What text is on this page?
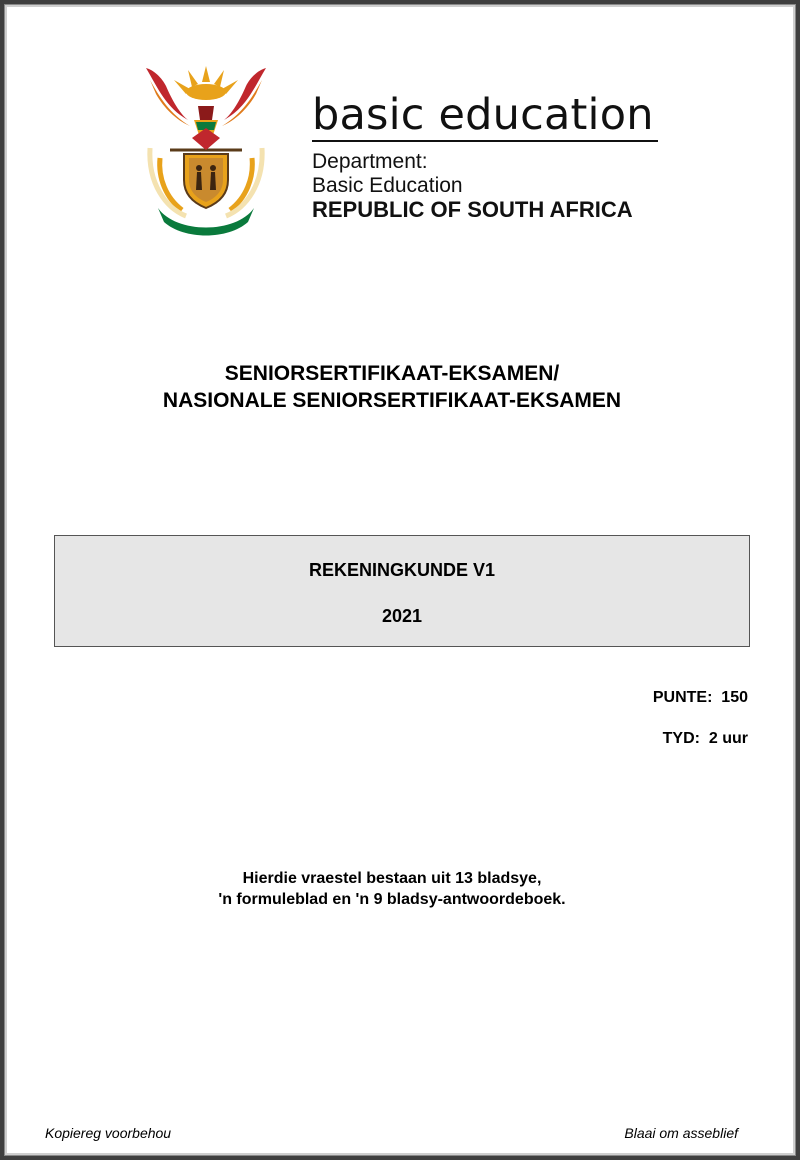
basic education
Department:
Basic Education
REPUBLIC OF SOUTH AFRICA
SENIORSERTIFIKAAT-EKSAMEN/
NASIONALE SENIORSERTIFIKAAT-EKSAMEN
REKENINGKUNDE V1
2021
PUNTE:  150
TYD:  2 uur
Hierdie vraestel bestaan uit 13 bladsye,
'n formuleblad en 'n 9 bladsy-antwoordeboek.
Kopiereg voorbehou	Blaai om asseblief
